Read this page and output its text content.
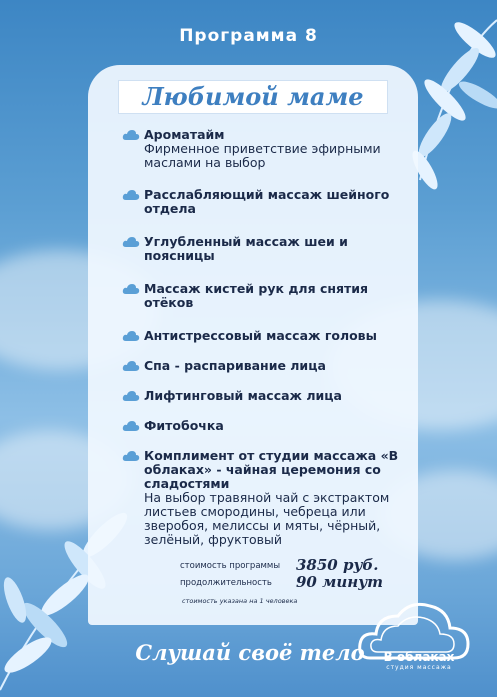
Программа 8
Любимой маме
Ароматайм
Фирменное приветствие эфирными маслами на выбор
Расслабляющий массаж шейного отдела
Углубленный массаж шеи и поясницы
Массаж кистей рук для снятия отёков
Антистрессовый массаж головы
Спа - распаривание лица
Лифтинговый массаж лица
Фитобочка
Комплимент от студии массажа «В облаках» - чайная церемония со сладостями
На выбор травяной чай с экстрактом листьев смородины, чебреца или зверобоя, мелиссы и мяты, чёрный, зелёный, фруктовый
стоимость программы 3850 руб.
продолжительность 90 минут
стоимость указана на 1 человека
Слушай своё тело	В облаках
студия массажа
